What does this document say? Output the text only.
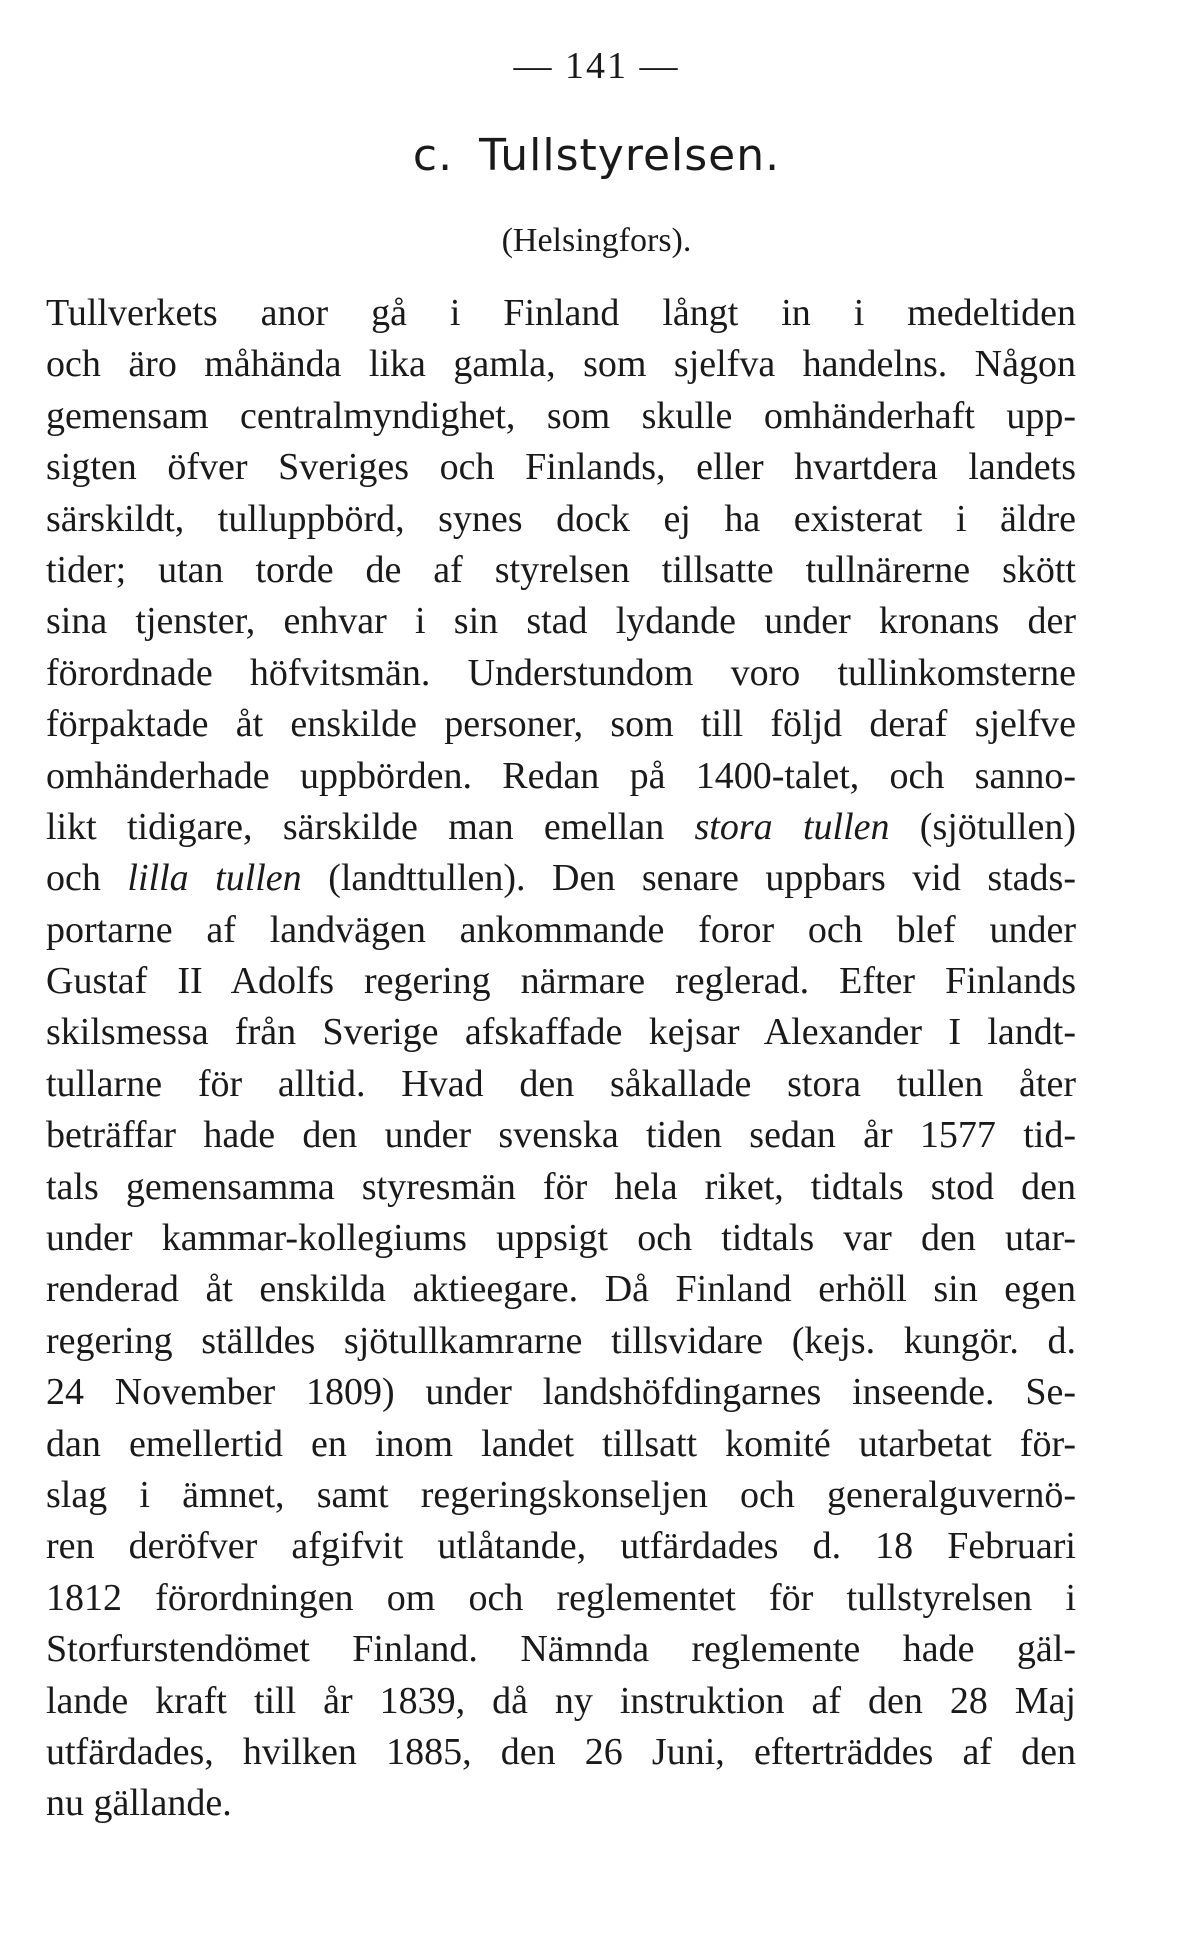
— 141 —
c. Tullstyrelsen.
(Helsingfors).
Tullverkets anor gå i Finland långt in i medeltiden
och äro måhända lika gamla, som sjelfva handelns. Någon
gemensam centralmyndighet, som skulle omhänderhaft upp-
sigten öfver Sveriges och Finlands, eller hvartdera landets
särskildt, tulluppbörd, synes dock ej ha existerat i äldre
tider; utan torde de af styrelsen tillsatte tullnärerne skött
sina tjenster, enhvar i sin stad lydande under kronans der
förordnade höfvitsmän. Understundom voro tullinkomsterne
förpaktade åt enskilde personer, som till följd deraf sjelfve
omhänderhade uppbörden. Redan på 1400-talet, och sanno-
likt tidigare, särskilde man emellan stora tullen (sjötullen)
och lilla tullen (landttullen). Den senare uppbars vid stads-
portarne af landvägen ankommande foror och blef under
Gustaf II Adolfs regering närmare reglerad. Efter Finlands
skilsmessa från Sverige afskaffade kejsar Alexander I landt-
tullarne för alltid. Hvad den såkallade stora tullen åter
beträffar hade den under svenska tiden sedan år 1577 tid-
tals gemensamma styresmän för hela riket, tidtals stod den
under kammar-kollegiums uppsigt och tidtals var den utar-
renderad åt enskilda aktieegare. Då Finland erhöll sin egen
regering ställdes sjötullkamrarne tillsvidare (kejs. kungör. d.
24 November 1809) under landshöfdingarnes inseende. Se-
dan emellertid en inom landet tillsatt komité utarbetat för-
slag i ämnet, samt regeringskonseljen och generalguvernö-
ren deröfver afgifvit utlåtande, utfärdades d. 18 Februari
1812 förordningen om och reglementet för tullstyrelsen i
Storfurstendömet Finland. Nämnda reglemente hade gäl-
lande kraft till år 1839, då ny instruktion af den 28 Maj
utfärdades, hvilken 1885, den 26 Juni, efterträddes af den
nu gällande.
